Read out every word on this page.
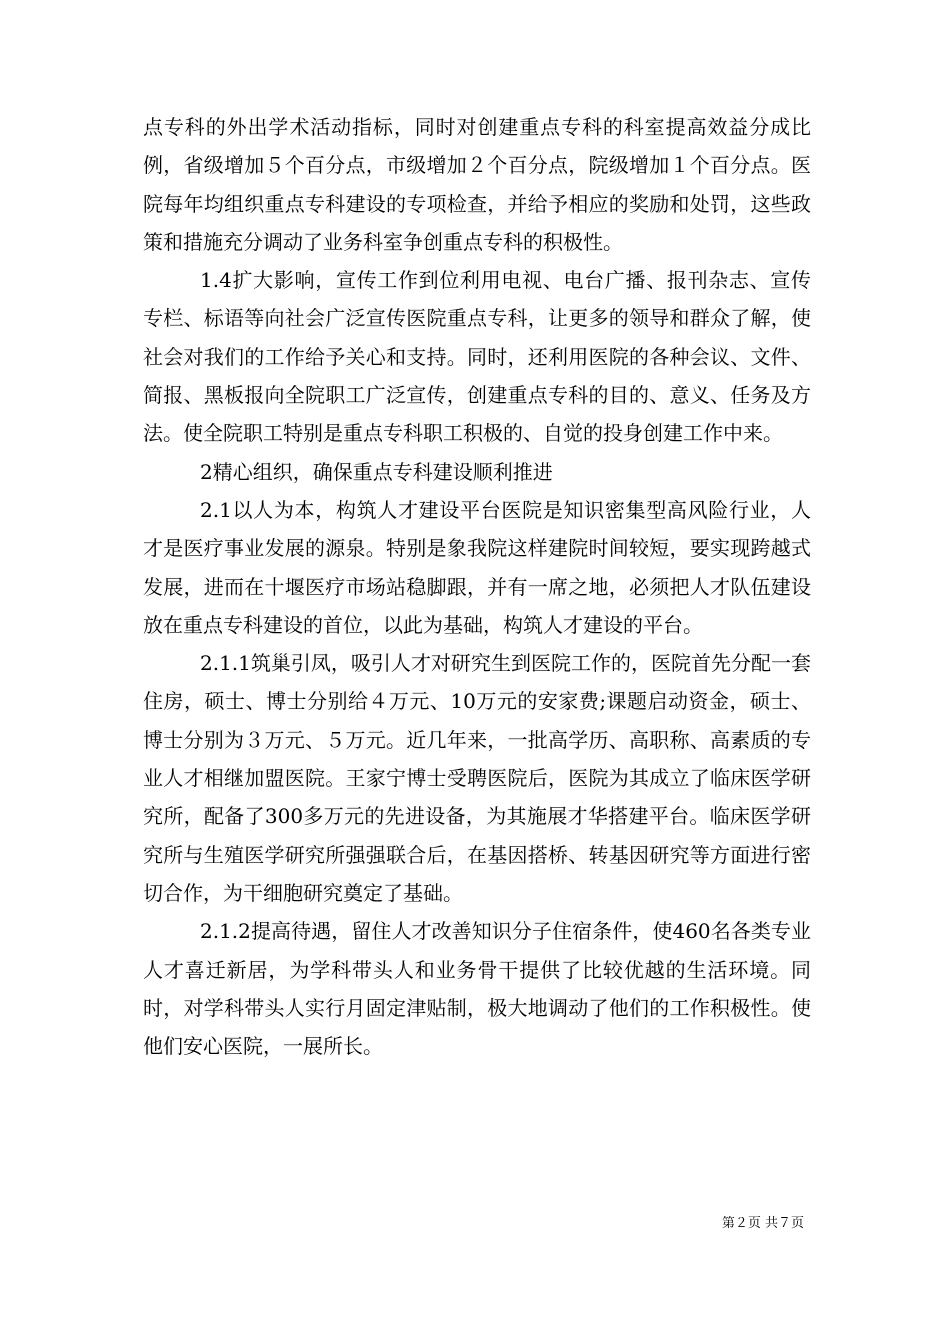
点专科的外出学术活动指标，同时对创建重点专科的科室提高效益分成比例，省级增加５个百分点，市级增加２个百分点，院级增加１个百分点。医院每年均组织重点专科建设的专项检查，并给予相应的奖励和处罚，这些政策和措施充分调动了业务科室争创重点专科的积极性。

1.4扩大影响，宣传工作到位利用电视、电台广播、报刊杂志、宣传专栏、标语等向社会广泛宣传医院重点专科，让更多的领导和群众了解，使社会对我们的工作给予关心和支持。同时，还利用医院的各种会议、文件、简报、黑板报向全院职工广泛宣传，创建重点专科的目的、意义、任务及方法。使全院职工特别是重点专科职工积极的、自觉的投身创建工作中来。

2精心组织，确保重点专科建设顺利推进

2.1以人为本，构筑人才建设平台医院是知识密集型高风险行业，人才是医疗事业发展的源泉。特别是象我院这样建院时间较短，要实现跨越式发展，进而在十堰医疗市场站稳脚跟，并有一席之地，必须把人才队伍建设放在重点专科建设的首位，以此为基础，构筑人才建设的平台。

2.1.1筑巢引凤，吸引人才对研究生到医院工作的，医院首先分配一套住房，硕士、博士分别给４万元、10万元的安家费;课题启动资金，硕士、博士分别为３万元、５万元。近几年来，一批高学历、高职称、高素质的专业人才相继加盟医院。王家宁博士受聘医院后，医院为其成立了临床医学研究所，配备了300多万元的先进设备，为其施展才华搭建平台。临床医学研究所与生殖医学研究所强强联合后，在基因搭桥、转基因研究等方面进行密切合作，为干细胞研究奠定了基础。

2.1.2提高待遇，留住人才改善知识分子住宿条件，使460名各类专业人才喜迁新居，为学科带头人和业务骨干提供了比较优越的生活环境。同时，对学科带头人实行月固定津贴制，极大地调动了他们的工作积极性。使他们安心医院，一展所长。

第２页 共７页
